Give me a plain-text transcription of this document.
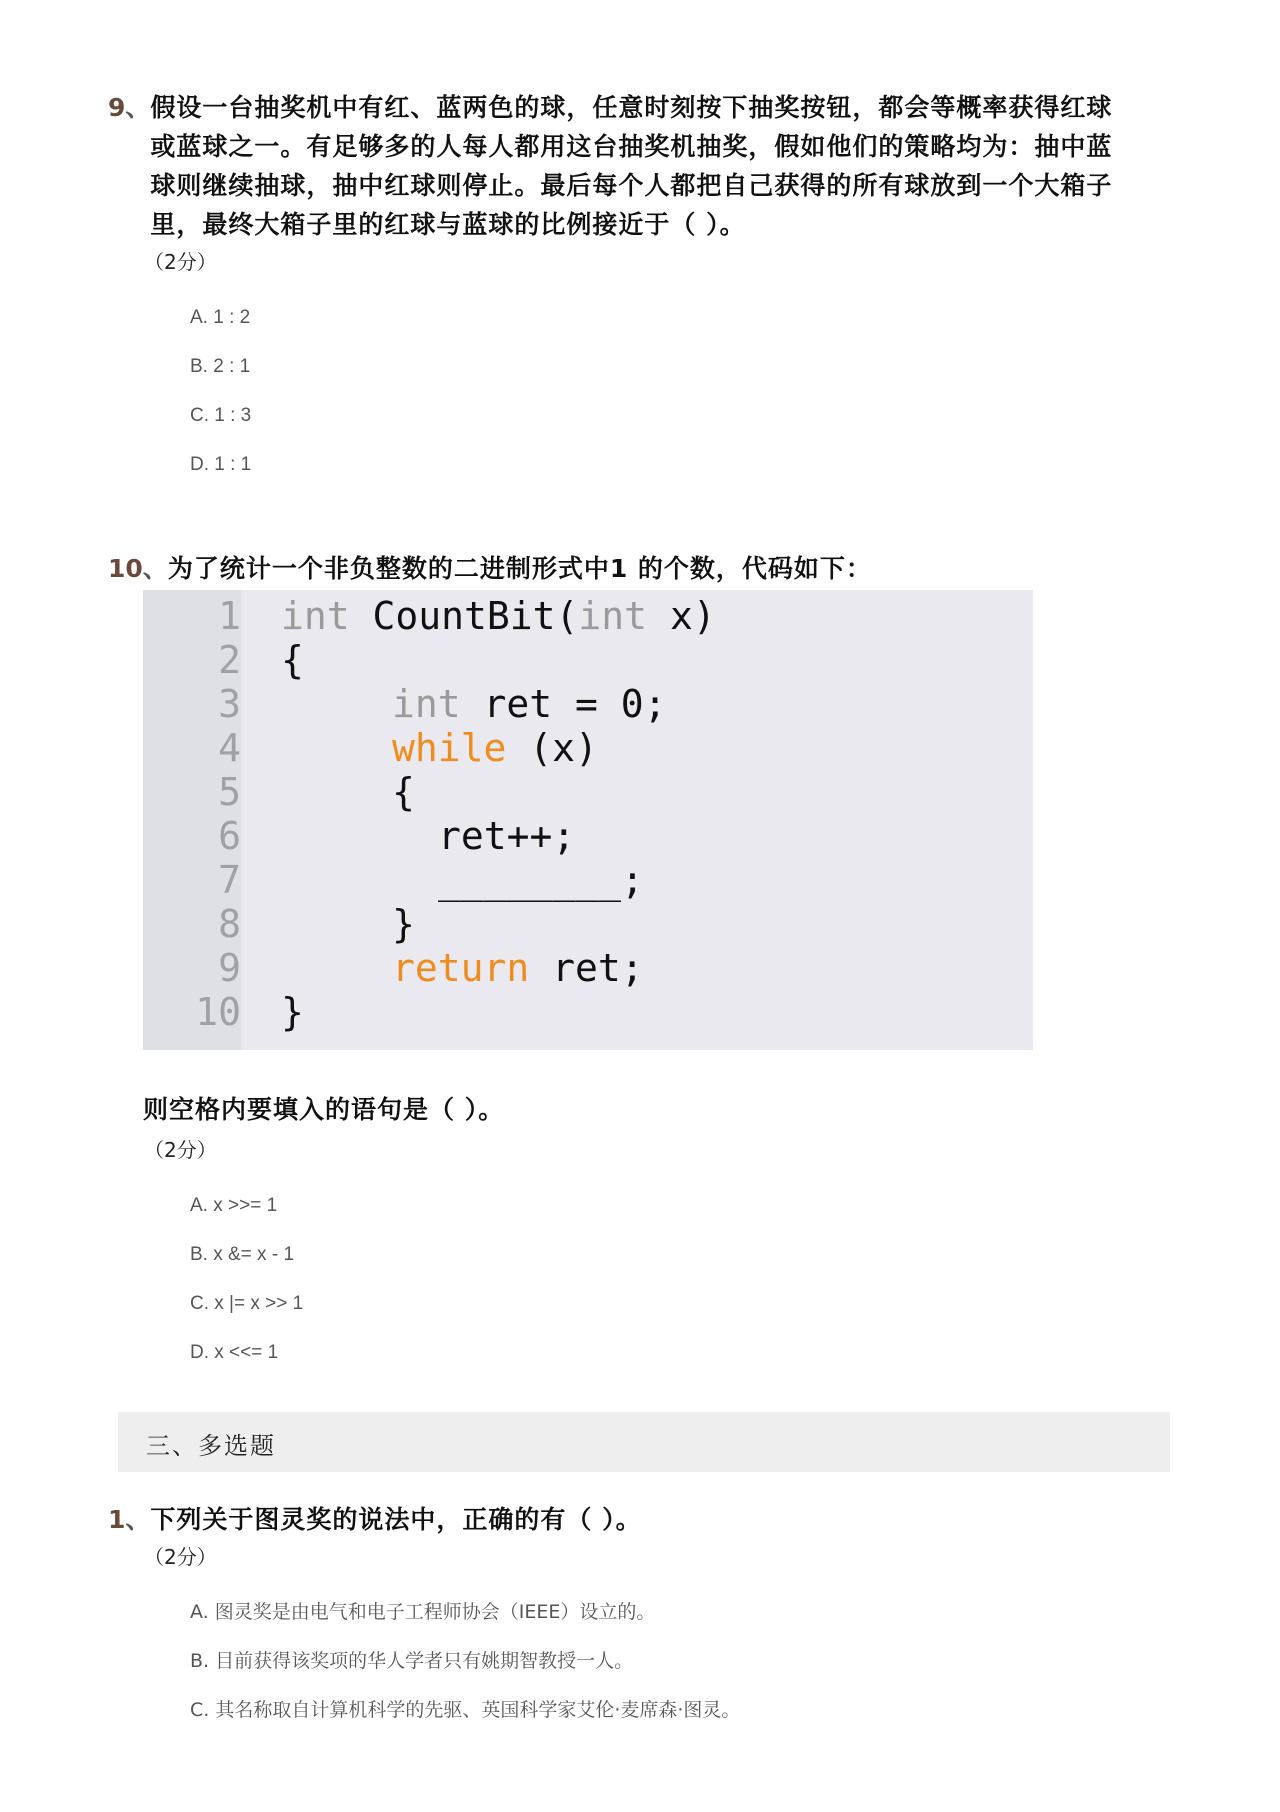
9、 假设一台抽奖机中有红、蓝两色的球，任意时刻按下抽奖按钮，都会等概率获得红球或蓝球之一。有足够多的人每人都用这台抽奖机抽奖，假如他们的策略均为：抽中蓝球则继续抽球，抽中红球则停止。最后每个人都把自己获得的所有球放到一个大箱子里，最终大箱子里的红球与蓝球的比例接近于（ ）。
（2分）
A. 1 : 2
B. 2 : 1
C. 1 : 3
D. 1 : 1
10、 为了统计一个非负整数的二进制形式中1 的个数，代码如下：
1
2
3
4
5
6
7
8
9
10
int CountBit(int x)
{
int ret = 0;
while (x)
{
ret++;
________;
}
return ret;
}
则空格内要填入的语句是（ ）。
（2分）
A. x >>= 1
B. x &= x - 1
C. x |= x >> 1
D. x <<= 1
三、多选题
1、 下列关于图灵奖的说法中，正确的有（ ）。
（2分）
A. 图灵奖是由电气和电子工程师协会（IEEE）设立的。
B. 目前获得该奖项的华人学者只有姚期智教授一人。
C. 其名称取自计算机科学的先驱、英国科学家艾伦·麦席森·图灵。
